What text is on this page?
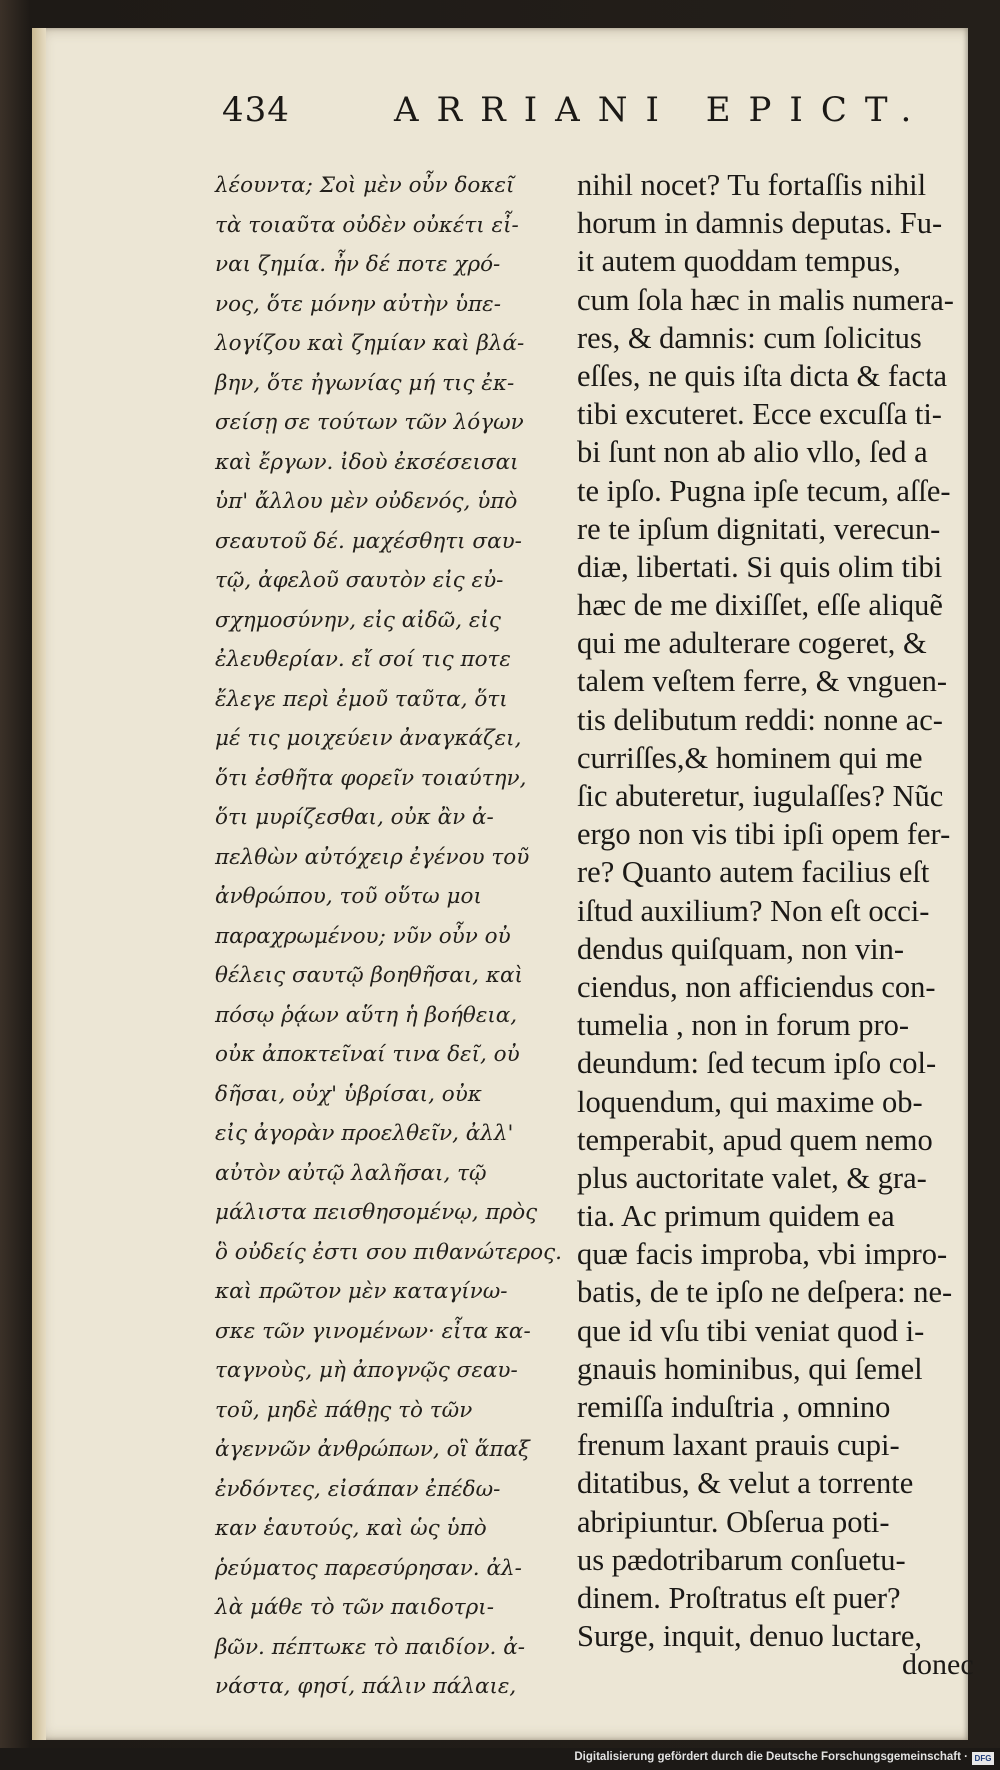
434	ARRIANI EPICT.
λέουντα; Σοὶ μὲν οὖν δοκεῖ
τὰ τοιαῦτα οὐδὲν οὐκέτι εἶ-
ναι ζημία. ἦν δέ ποτε χρό-
νος, ὅτε μόνην αὐτὴν ὑπε-
λογίζου καὶ ζημίαν καὶ βλά-
βην, ὅτε ἠγωνίας μή τις ἐκ-
σείσῃ σε τούτων τῶν λόγων
καὶ ἔργων. ἰδοὺ ἐκσέσεισαι
ὑπ' ἄλλου μὲν οὐδενός, ὑπὸ
σεαυτοῦ δέ. μαχέσθητι σαυ-
τῷ, ἀφελοῦ σαυτὸν εἰς εὐ-
σχημοσύνην, εἰς αἰδῶ, εἰς
ἐλευθερίαν. εἴ σοί τις ποτε
ἔλεγε περὶ ἐμοῦ ταῦτα, ὅτι
μέ τις μοιχεύειν ἀναγκάζει,
ὅτι ἐσθῆτα φορεῖν τοιαύτην,
ὅτι μυρίζεσθαι, οὐκ ἂν ἀ-
πελθὼν αὐτόχειρ ἐγένου τοῦ
ἀνθρώπου, τοῦ οὕτω μοι
παραχρωμένου; νῦν οὖν οὐ
θέλεις σαυτῷ βοηθῆσαι, καὶ
πόσῳ ῥᾴων αὕτη ἡ βοήθεια,
οὐκ ἀποκτεῖναί τινα δεῖ, οὐ
δῆσαι, οὐχ' ὑβρίσαι, οὐκ
εἰς ἀγορὰν προελθεῖν, ἀλλ'
αὐτὸν αὐτῷ λαλῆσαι, τῷ
μάλιστα πεισθησομένῳ, πρὸς
ὃ οὐδείς ἐστι σου πιθανώτερος.
καὶ πρῶτον μὲν καταγίνω-
σκε τῶν γινομένων· εἶτα κα-
ταγνοὺς, μὴ ἀπογνῷς σεαυ-
τοῦ, μηδὲ πάθῃς τὸ τῶν
ἀγεννῶν ἀνθρώπων, οἳ ἅπαξ
ἐνδόντες, εἰσάπαν ἐπέδω-
καν ἑαυτούς, καὶ ὡς ὑπὸ
ῥεύματος παρεσύρησαν. ἀλ-
λὰ μάθε τὸ τῶν παιδοτρι-
βῶν. πέπτωκε τὸ παιδίον. ἀ-
νάστα, φησί, πάλιν πάλαιε,
nihil nocet? Tu fortaſſis nihil
horum in damnis deputas. Fu-
it autem quoddam tempus,
cum ſola hæc in malis numera-
res, & damnis: cum ſolicitus
eſſes, ne quis iſta dicta & facta
tibi excuteret. Ecce excuſſa ti-
bi ſunt non ab alio vllo, ſed a
te ipſo. Pugna ipſe tecum, aſſe-
re te ipſum dignitati, verecun-
diæ, libertati. Si quis olim tibi
hæc de me dixiſſet, eſſe aliquẽ
qui me adulterare cogeret, &
talem veſtem ferre, & vnguen-
tis delibutum reddi: nonne ac-
curriſſes,& hominem qui me
ſic abuteretur, iugulaſſes? Nũc
ergo non vis tibi ipſi opem fer-
re? Quanto autem facilius eſt
iſtud auxilium? Non eſt occi-
dendus quiſquam, non vin-
ciendus, non afficiendus con-
tumelia , non in forum pro-
deundum: ſed tecum ipſo col-
loquendum, qui maxime ob-
temperabit, apud quem nemo
plus auctoritate valet, & gra-
tia. Ac primum quidem ea
quæ facis improba, vbi impro-
batis, de te ipſo ne deſpera: ne-
que id vſu tibi veniat quod i-
gnauis hominibus, qui ſemel
remiſſa induſtria , omnino
frenum laxant prauis cupi-
ditatibus, & velut a torrente
abripiuntur. Obſerua poti-
us pædotribarum conſuetu-
dinem. Proſtratus eſt puer?
Surge, inquit, denuo luctare,
donec
Digitalisierung gefördert durch die Deutsche Forschungsgemeinschaft · DFG
